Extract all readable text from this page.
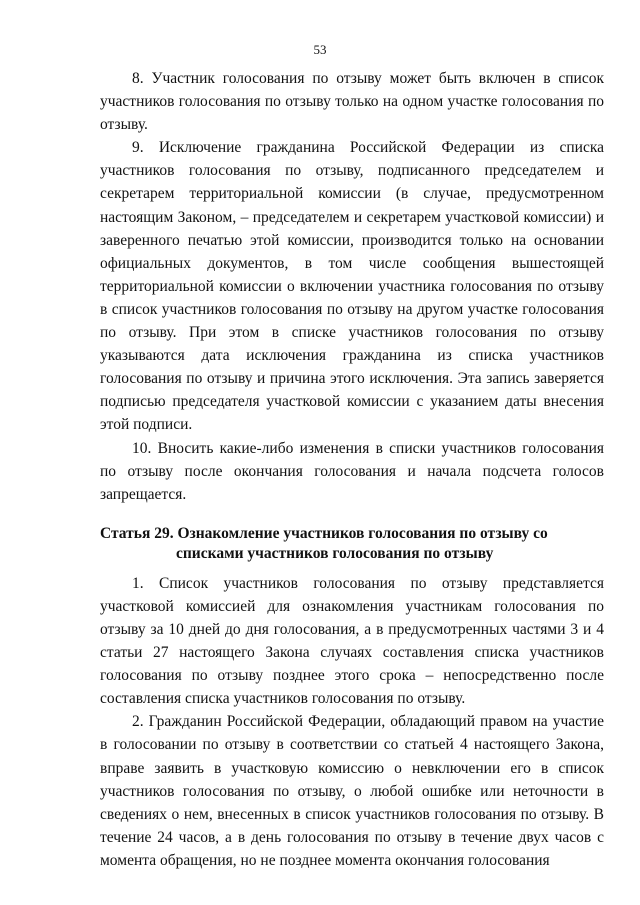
53

8. Участник голосования по отзыву может быть включен в список участников голосования по отзыву только на одном участке голосования по отзыву.

9. Исключение гражданина Российской Федерации из списка участников голосования по отзыву, подписанного председателем и секретарем территориальной комиссии (в случае, предусмотренном настоящим Законом, – председателем и секретарем участковой комиссии) и заверенного печатью этой комиссии, производится только на основании официальных документов, в том числе сообщения вышестоящей территориальной комиссии о включении участника голосования по отзыву в список участников голосования по отзыву на другом участке голосования по отзыву. При этом в списке участников голосования по отзыву указываются дата исключения гражданина из списка участников голосования по отзыву и причина этого исключения. Эта запись заверяется подписью председателя участковой комиссии с указанием даты внесения этой подписи.

10. Вносить какие-либо изменения в списки участников голосования по отзыву после окончания голосования и начала подсчета голосов запрещается.

Статья 29. Ознакомление участников голосования по отзыву со списками участников голосования по отзыву

1. Список участников голосования по отзыву представляется участковой комиссией для ознакомления участникам голосования по отзыву за 10 дней до дня голосования, а в предусмотренных частями 3 и 4 статьи 27 настоящего Закона случаях составления списка участников голосования по отзыву позднее этого срока – непосредственно после составления списка участников голосования по отзыву.

2. Гражданин Российской Федерации, обладающий правом на участие в голосовании по отзыву в соответствии со статьей 4 настоящего Закона, вправе заявить в участковую комиссию о невключении его в список участников голосования по отзыву, о любой ошибке или неточности в сведениях о нем, внесенных в список участников голосования по отзыву. В течение 24 часов, а в день голосования по отзыву в течение двух часов с момента обращения, но не позднее момента окончания голосования
